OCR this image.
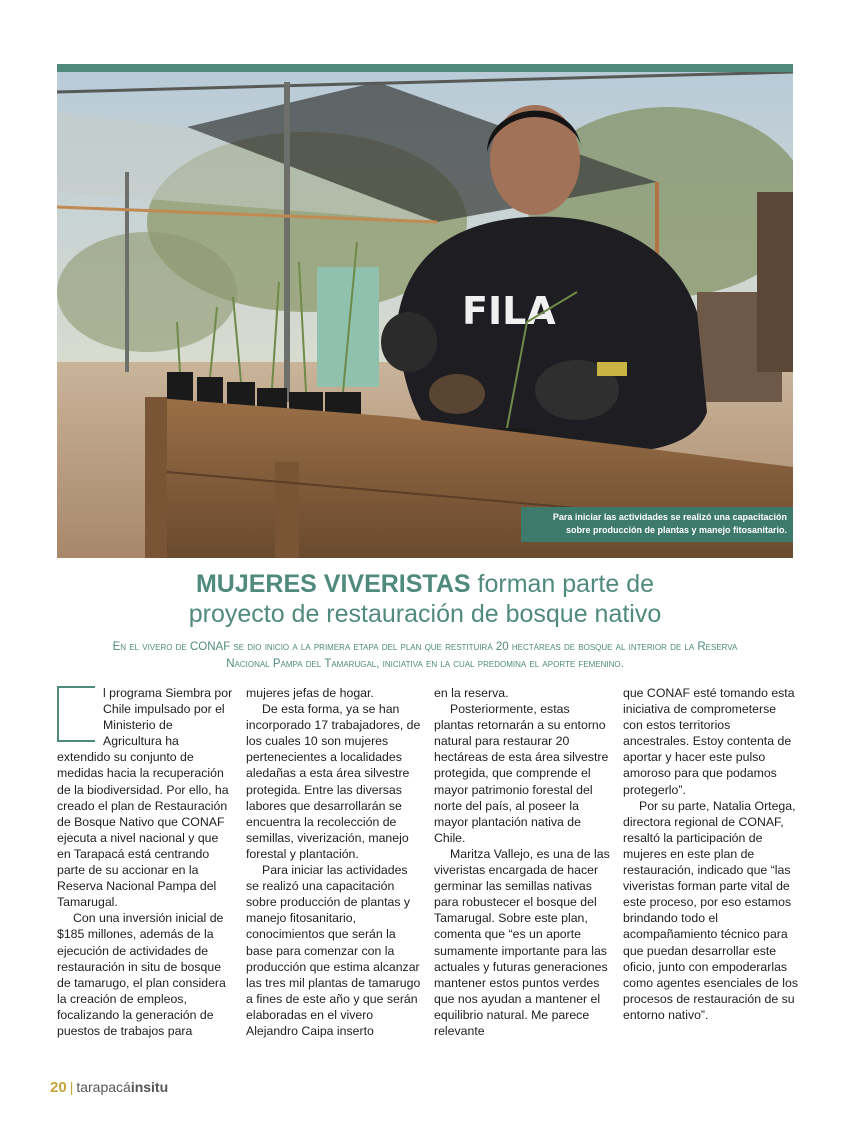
FILA
Para iniciar las actividades se realizó una capacitación
sobre producción de plantas y manejo fitosanitario.
MUJERES VIVERISTAS forman parte de
proyecto de restauración de bosque nativo
En el vivero de CONAF se dio inicio a la primera etapa del plan que restituirá 20 hectáreas de bosque al interior de la Reserva
Nacional Pampa del Tamarugal, iniciativa en la cual predomina el aporte femenino.

l programa Siembra por Chile impulsado por el Ministerio de Agricultura ha extendido su conjunto de medidas hacia la recuperación de la biodiversidad. Por ello, ha creado el plan de Restauración de Bosque Nativo que CONAF ejecuta a nivel nacional y que en Tarapacá está centrando parte de su accionar en la Reserva Nacional Pampa del Tamarugal.

Con una inversión inicial de $185 millones, además de la ejecución de actividades de restauración in situ de bosque de tamarugo, el plan considera la creación de empleos, focalizando la generación de puestos de trabajos para

mujeres jefas de hogar.

De esta forma, ya se han incorporado 17 trabajadores, de los cuales 10 son mujeres pertenecientes a localidades aledañas a esta área silvestre protegida. Entre las diversas labores que desarrollarán se encuentra la recolección de semillas, viverización, manejo forestal y plantación.

Para iniciar las actividades se realizó una capacitación sobre producción de plantas y manejo fitosanitario, conocimientos que serán la base para comenzar con la producción que estima alcanzar las tres mil plantas de tamarugo a fines de este año y que serán elaboradas en el vivero Alejandro Caipa inserto

en la reserva.

Posteriormente, estas plantas retornarán a su entorno natural para restaurar 20 hectáreas de esta área silvestre protegida, que comprende el mayor patrimonio forestal del norte del país, al poseer la mayor plantación nativa de Chile.

Maritza Vallejo, es una de las viveristas encargada de hacer germinar las semillas nativas para robustecer el bosque del Tamarugal. Sobre este plan, comenta que “es un aporte sumamente importante para las actuales y futuras generaciones mantener estos puntos verdes que nos ayudan a mantener el equilibrio natural. Me parece relevante

que CONAF esté tomando esta iniciativa de comprometerse con estos territorios ancestrales. Estoy contenta de aportar y hacer este pulso amoroso para que podamos protegerlo”.

Por su parte, Natalia Ortega, directora regional de CONAF, resaltó la participación de mujeres en este plan de restauración, indicado que “las viveristas forman parte vital de este proceso, por eso estamos brindando todo el acompañamiento técnico para que puedan desarrollar este oficio, junto con empoderarlas como agentes esenciales de los procesos de restauración de su entorno nativo”.

20 | tarapacáinsitu
